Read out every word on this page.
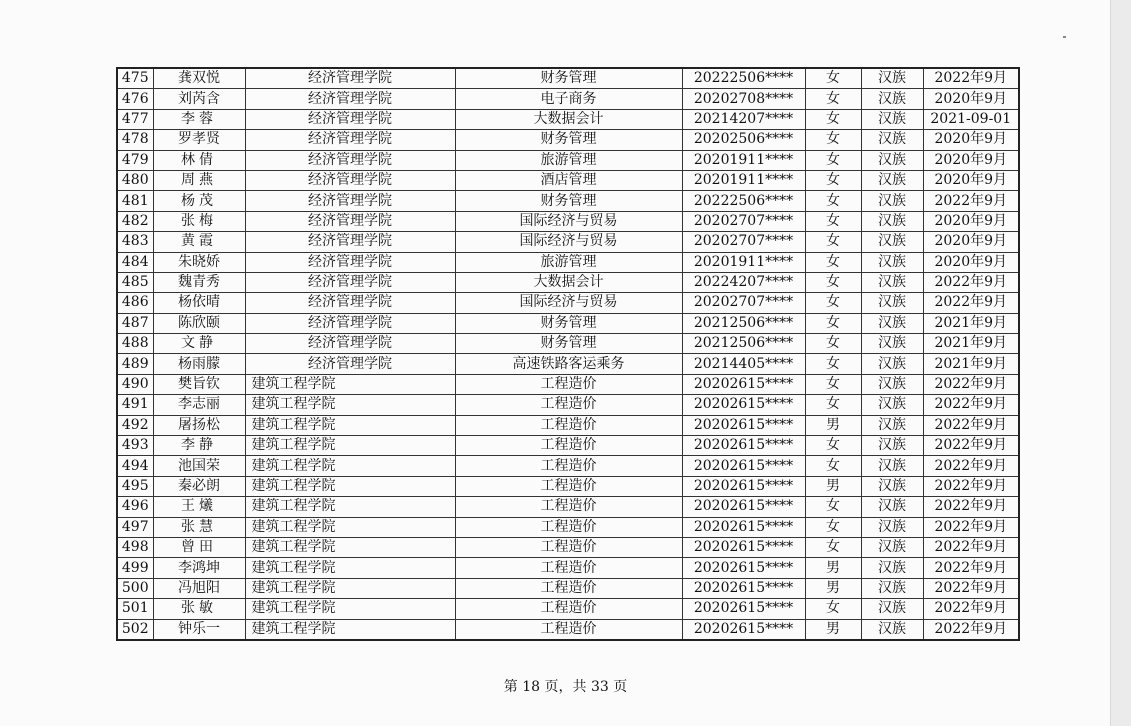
475	龚双悦	经济管理学院	财务管理	20222506****	女	汉族	2022年9月
476	刘芮含	经济管理学院	电子商务	20202708****	女	汉族	2020年9月
477	李蓉	经济管理学院	大数据会计	20214207****	女	汉族	2021-09-01
478	罗孝贤	经济管理学院	财务管理	20202506****	女	汉族	2020年9月
479	林倩	经济管理学院	旅游管理	20201911****	女	汉族	2020年9月
480	周燕	经济管理学院	酒店管理	20201911****	女	汉族	2020年9月
481	杨茂	经济管理学院	财务管理	20222506****	女	汉族	2022年9月
482	张梅	经济管理学院	国际经济与贸易	20202707****	女	汉族	2020年9月
483	黄霞	经济管理学院	国际经济与贸易	20202707****	女	汉族	2020年9月
484	朱晓娇	经济管理学院	旅游管理	20201911****	女	汉族	2020年9月
485	魏青秀	经济管理学院	大数据会计	20224207****	女	汉族	2022年9月
486	杨依晴	经济管理学院	国际经济与贸易	20202707****	女	汉族	2022年9月
487	陈欣颐	经济管理学院	财务管理	20212506****	女	汉族	2021年9月
488	文静	经济管理学院	财务管理	20212506****	女	汉族	2021年9月
489	杨雨朦	经济管理学院	高速铁路客运乘务	20214405****	女	汉族	2021年9月
490	樊旨钦	建筑工程学院	工程造价	20202615****	女	汉族	2022年9月
491	李志丽	建筑工程学院	工程造价	20202615****	女	汉族	2022年9月
492	屠扬松	建筑工程学院	工程造价	20202615****	男	汉族	2022年9月
493	李静	建筑工程学院	工程造价	20202615****	女	汉族	2022年9月
494	池国荣	建筑工程学院	工程造价	20202615****	女	汉族	2022年9月
495	秦必朗	建筑工程学院	工程造价	20202615****	男	汉族	2022年9月
496	王爔	建筑工程学院	工程造价	20202615****	女	汉族	2022年9月
497	张慧	建筑工程学院	工程造价	20202615****	女	汉族	2022年9月
498	曾田	建筑工程学院	工程造价	20202615****	女	汉族	2022年9月
499	李鸿坤	建筑工程学院	工程造价	20202615****	男	汉族	2022年9月
500	冯旭阳	建筑工程学院	工程造价	20202615****	男	汉族	2022年9月
501	张敏	建筑工程学院	工程造价	20202615****	女	汉族	2022年9月
502	钟乐一	建筑工程学院	工程造价	20202615****	男	汉族	2022年9月
第 18 页，共 33 页
